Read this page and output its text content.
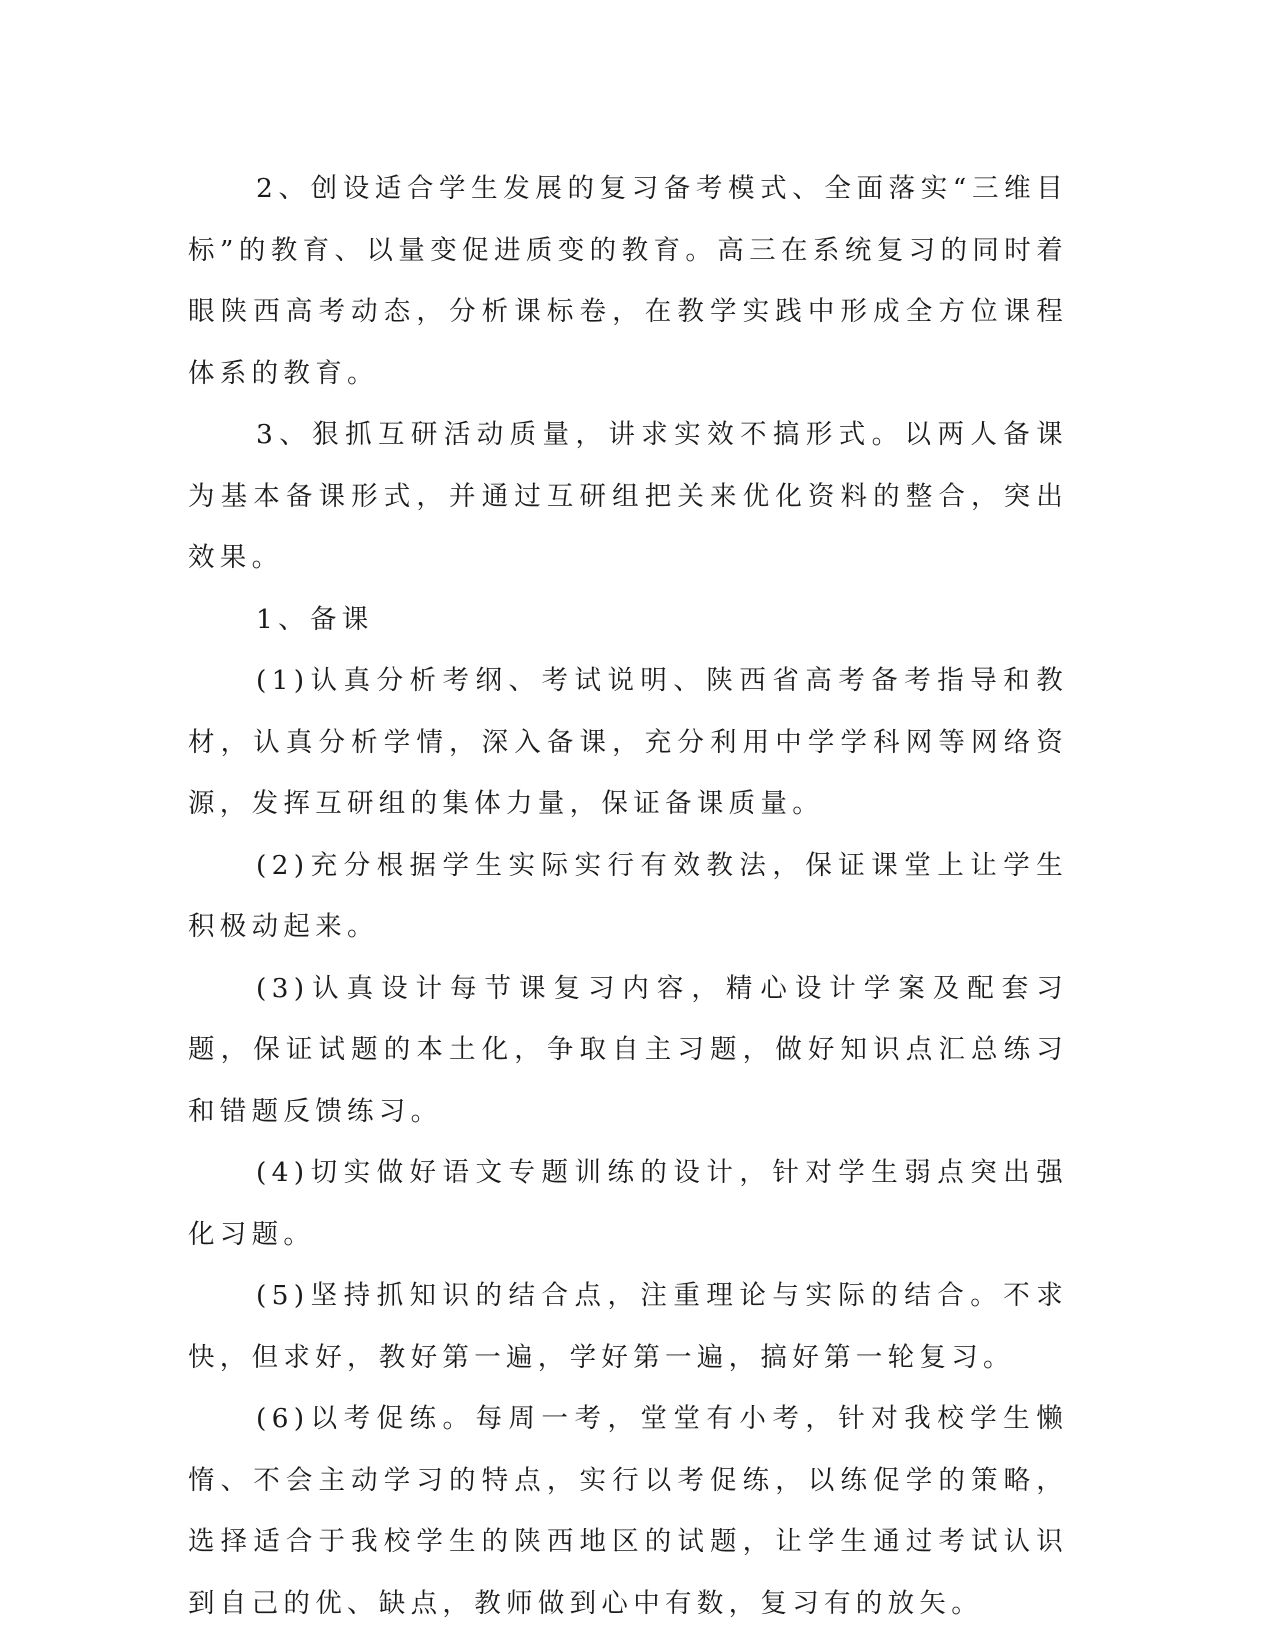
2、创设适合学生发展的复习备考模式、全面落实“三维目标”的教育、以量变促进质变的教育。高三在系统复习的同时着眼陕西高考动态，分析课标卷，在教学实践中形成全方位课程体系的教育。

3、狠抓互研活动质量，讲求实效不搞形式。以两人备课为基本备课形式，并通过互研组把关来优化资料的整合，突出效果。

1、备课

(1)认真分析考纲、考试说明、陕西省高考备考指导和教材，认真分析学情，深入备课，充分利用中学学科网等网络资源，发挥互研组的集体力量，保证备课质量。

(2)充分根据学生实际实行有效教法，保证课堂上让学生积极动起来。

(3)认真设计每节课复习内容，精心设计学案及配套习题，保证试题的本土化，争取自主习题，做好知识点汇总练习和错题反馈练习。

(4)切实做好语文专题训练的设计，针对学生弱点突出强化习题。

(5)坚持抓知识的结合点，注重理论与实际的结合。不求快，但求好，教好第一遍，学好第一遍，搞好第一轮复习。

(6)以考促练。每周一考，堂堂有小考，针对我校学生懒惰、不会主动学习的特点，实行以考促练，以练促学的策略，选择适合于我校学生的陕西地区的试题，让学生通过考试认识到自己的优、缺点，教师做到心中有数，复习有的放矢。
